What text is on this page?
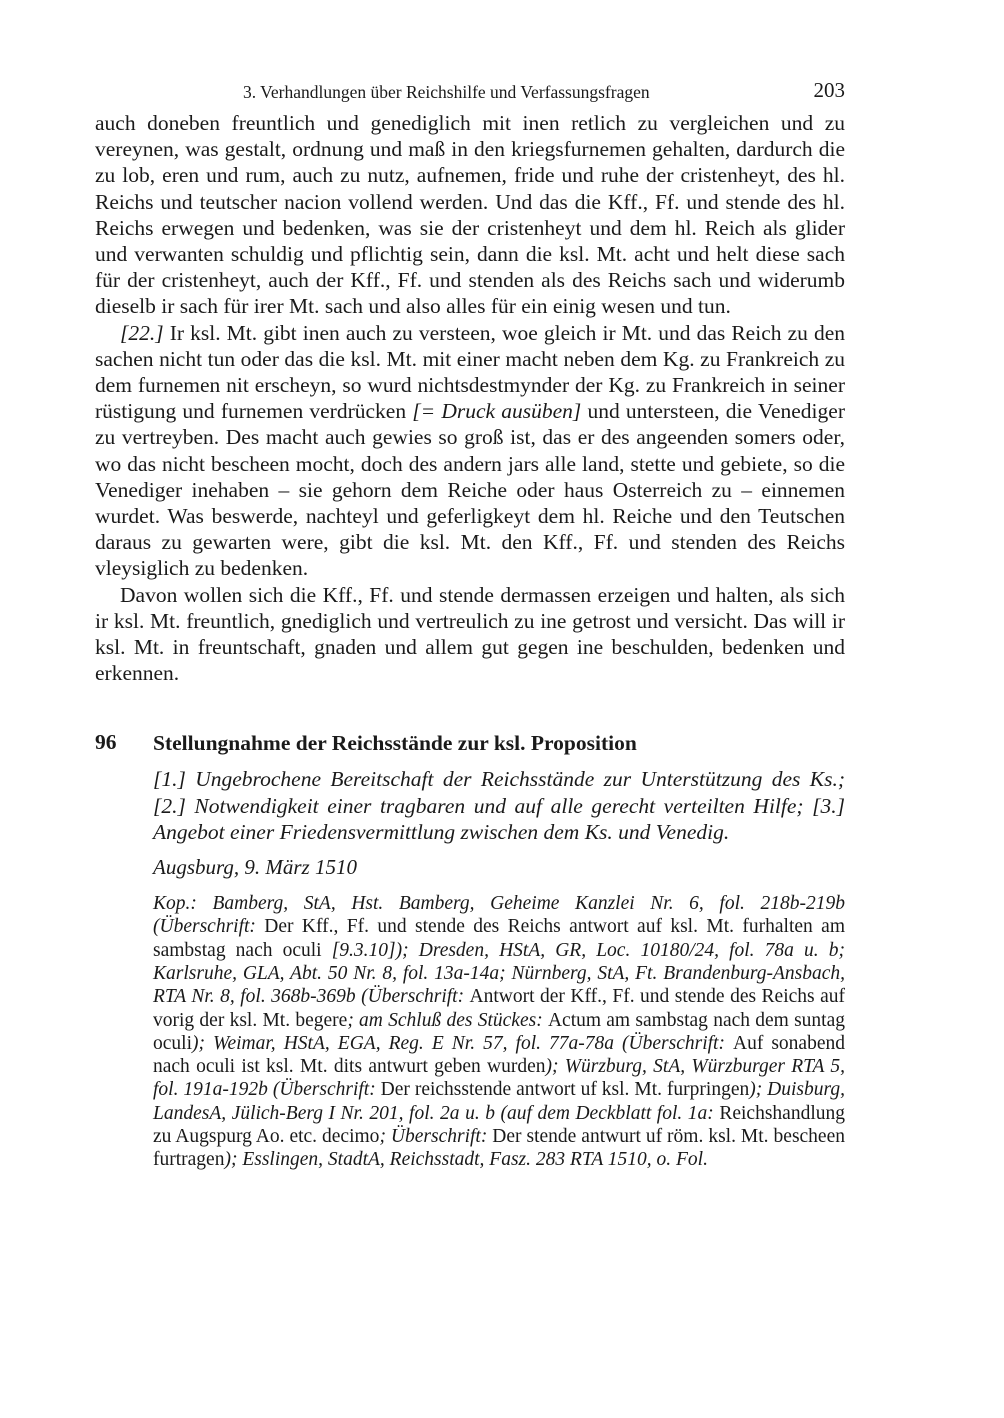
3. Verhandlungen über Reichshilfe und Verfassungsfragen	203

auch doneben freuntlich und genediglich mit inen retlich zu vergleichen und zu vereynen, was gestalt, ordnung und maß in den kriegsfurnemen gehalten, dardurch die zu lob, eren und rum, auch zu nutz, aufnemen, fride und ruhe der cristenheyt, des hl. Reichs und teutscher nacion vollend werden. Und das die Kff., Ff. und stende des hl. Reichs erwegen und bedenken, was sie der cristenheyt und dem hl. Reich als glider und verwanten schuldig und pflichtig sein, dann die ksl. Mt. acht und helt diese sach für der cristenheyt, auch der Kff., Ff. und stenden als des Reichs sach und widerumb dieselb ir sach für irer Mt. sach und also alles für ein einig wesen und tun.

[22.] Ir ksl. Mt. gibt inen auch zu versteen, woe gleich ir Mt. und das Reich zu den sachen nicht tun oder das die ksl. Mt. mit einer macht neben dem Kg. zu Frankreich zu dem furnemen nit erscheyn, so wurd nichtsdestmynder der Kg. zu Frankreich in seiner rüstigung und furnemen verdrücken [= Druck ausüben] und untersteen, die Venediger zu vertreyben. Des macht auch gewies so groß ist, das er des angeenden somers oder, wo das nicht bescheen mocht, doch des andern jars alle land, stette und gebiete, so die Venediger inehaben – sie gehorn dem Reiche oder haus Osterreich zu – einnemen wurdet. Was beswerde, nachteyl und geferligkeyt dem hl. Reiche und den Teutschen daraus zu gewarten were, gibt die ksl. Mt. den Kff., Ff. und stenden des Reichs vleysiglich zu bedenken.

Davon wollen sich die Kff., Ff. und stende dermassen erzeigen und halten, als sich ir ksl. Mt. freuntlich, gnediglich und vertreulich zu ine getrost und versicht. Das will ir ksl. Mt. in freuntschaft, gnaden und allem gut gegen ine beschulden, bedenken und erkennen.

96 Stellungnahme der Reichsstände zur ksl. Proposition
[1.] Ungebrochene Bereitschaft der Reichsstände zur Unterstützung des Ks.; [2.] Notwendigkeit einer tragbaren und auf alle gerecht verteilten Hilfe; [3.] Angebot einer Friedensvermittlung zwischen dem Ks. und Venedig.
Augsburg, 9. März 1510
Kop.: Bamberg, StA, Hst. Bamberg, Geheime Kanzlei Nr. 6, fol. 218b-219b (Überschrift: Der Kff., Ff. und stende des Reichs antwort auf ksl. Mt. furhalten am sambstag nach oculi [9.3.10]); Dresden, HStA, GR, Loc. 10180/24, fol. 78a u. b; Karlsruhe, GLA, Abt. 50 Nr. 8, fol. 13a-14a; Nürnberg, StA, Ft. Brandenburg-Ansbach, RTA Nr. 8, fol. 368b-369b (Überschrift: Antwort der Kff., Ff. und stende des Reichs auf vorig der ksl. Mt. begere; am Schluß des Stückes: Actum am sambstag nach dem suntag oculi); Weimar, HStA, EGA, Reg. E Nr. 57, fol. 77a-78a (Überschrift: Auf sonabend nach oculi ist ksl. Mt. dits antwurt geben wurden); Würzburg, StA, Würzburger RTA 5, fol. 191a-192b (Überschrift: Der reichsstende antwort uf ksl. Mt. furpringen); Duisburg, LandesA, Jülich-Berg I Nr. 201, fol. 2a u. b (auf dem Deckblatt fol. 1a: Reichshandlung zu Augspurg Ao. etc. decimo; Überschrift: Der stende antwurt uf röm. ksl. Mt. bescheen furtragen); Esslingen, StadtA, Reichsstadt, Fasz. 283 RTA 1510, o. Fol.
